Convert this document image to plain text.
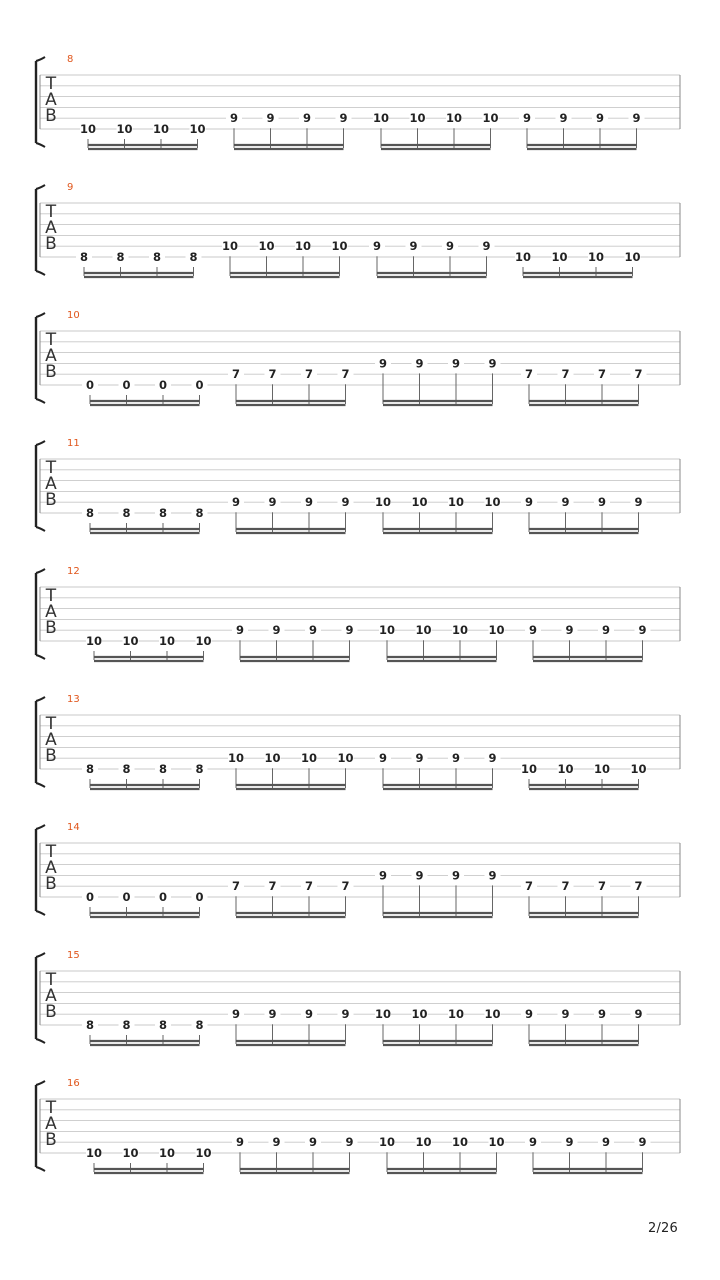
8
T
A
B
10 10 10 10
9 9 9 9 10 10 10 10 9 9 9 9
9
T
A
B
8 8 8 8
10 10 10 10 9 9 9 9
10 10 10 10
10
T
A
B
0 0 0 0
7 7 7 7
9 9 9 9
7 7 7 7
11
T
A
B
8 8 8 8
9 9 9 9 10 10 10 10 9 9 9 9
12
T
A
B
10 10 10 10
9 9 9 9 10 10 10 10 9 9 9 9
13
T
A
B
8 8 8 8
10 10 10 10 9 9 9 9
10 10 10 10
14
T
A
B
0 0 0 0
7 7 7 7
9 9 9 9
7 7 7 7
15
T
A
B
8 8 8 8
9 9 9 9 10 10 10 10 9 9 9 9
16
T
A
B
10 10 10 10
9 9 9 9 10 10 10 10 9 9 9 9
2/26
